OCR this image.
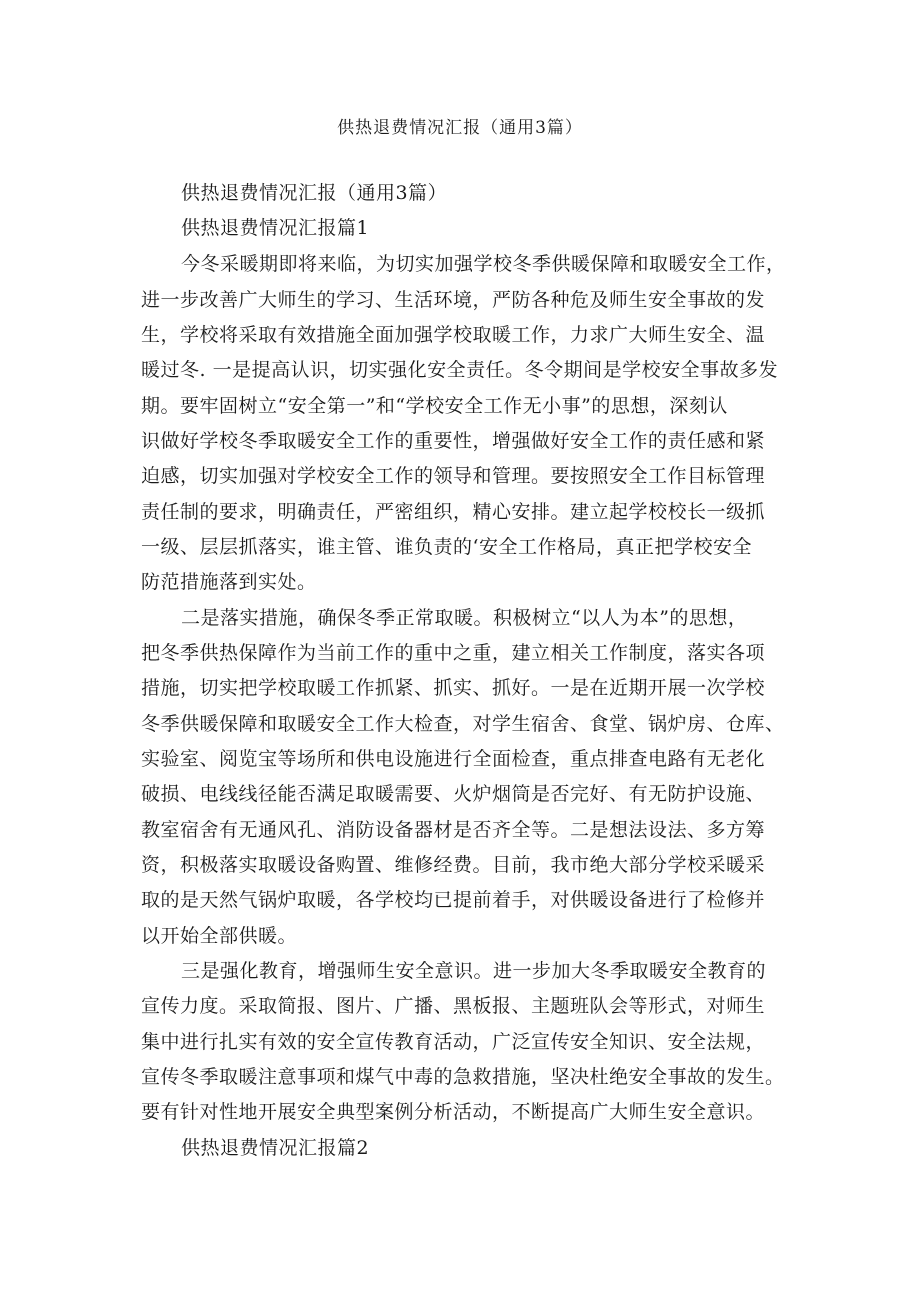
供热退费情况汇报（通用3篇）
供热退费情况汇报（通用3篇）
供热退费情况汇报篇1
今冬采暖期即将来临，为切实加强学校冬季供暖保障和取暖安全工作，
进一步改善广大师生的学习、生活环境，严防各种危及师生安全事故的发
生，学校将采取有效措施全面加强学校取暖工作，力求广大师生安全、温
暖过冬. 一是提高认识，切实强化安全责任。冬令期间是学校安全事故多发
期。要牢固树立“安全第一”和“学校安全工作无小事”的思想，深刻认
识做好学校冬季取暖安全工作的重要性，增强做好安全工作的责任感和紧
迫感，切实加强对学校安全工作的领导和管理。要按照安全工作目标管理
责任制的要求，明确责任，严密组织，精心安排。建立起学校校长一级抓
一级、层层抓落实，谁主管、谁负责的‘安全工作格局，真正把学校安全
防范措施落到实处。
二是落实措施，确保冬季正常取暖。积极树立“以人为本”的思想，
把冬季供热保障作为当前工作的重中之重，建立相关工作制度，落实各项
措施，切实把学校取暖工作抓紧、抓实、抓好。一是在近期开展一次学校
冬季供暖保障和取暖安全工作大检查，对学生宿舍、食堂、锅炉房、仓库、
实验室、阅览宝等场所和供电设施进行全面检查，重点排查电路有无老化
破损、电线线径能否满足取暖需要、火炉烟筒是否完好、有无防护设施、
教室宿舍有无通风孔、消防设备器材是否齐全等。二是想法设法、多方筹
资，积极落实取暖设备购置、维修经费。目前，我市绝大部分学校采暖采
取的是天然气锅炉取暖，各学校均已提前着手，对供暖设备进行了检修并
以开始全部供暖。
三是强化教育，增强师生安全意识。进一步加大冬季取暖安全教育的
宣传力度。采取简报、图片、广播、黑板报、主题班队会等形式，对师生
集中进行扎实有效的安全宣传教育活动，广泛宣传安全知识、安全法规，
宣传冬季取暖注意事项和煤气中毒的急救措施，坚决杜绝安全事故的发生。
要有针对性地开展安全典型案例分析活动，不断提高广大师生安全意识。
供热退费情况汇报篇2
